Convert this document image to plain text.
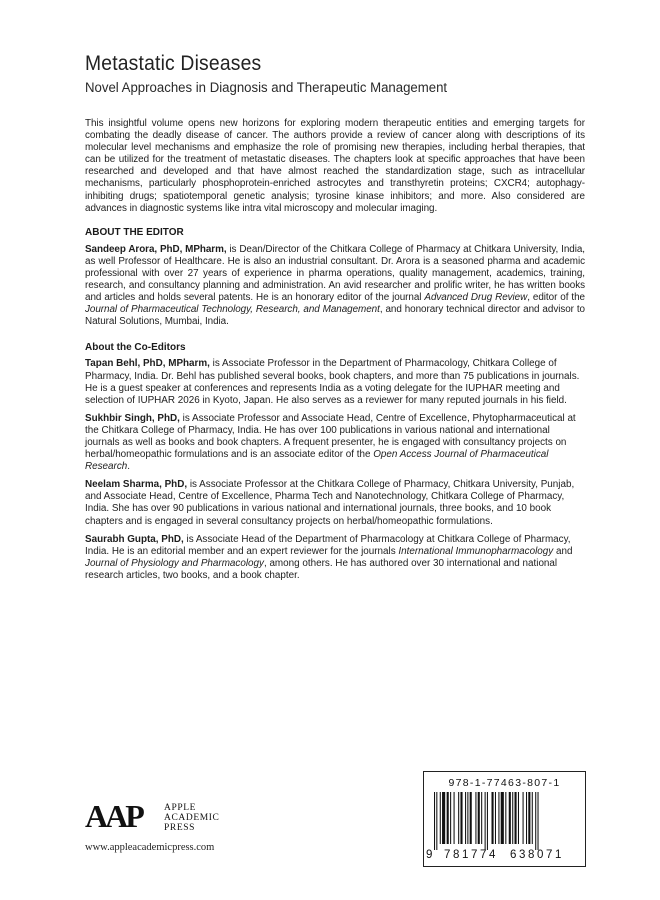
Metastatic Diseases
Novel Approaches in Diagnosis and Therapeutic Management

This insightful volume opens new horizons for exploring modern therapeutic entities and emerging targets for combating the deadly disease of cancer. The authors provide a review of cancer along with descriptions of its molecular level mechanisms and emphasize the role of promising new therapies, including herbal therapies, that can be utilized for the treatment of metastatic diseases. The chapters look at specific approaches that have been researched and developed and that have almost reached the standardization stage, such as intracellular mechanisms, particularly phosphoprotein-enriched astrocytes and transthyretin proteins; CXCR4; autophagy-inhibiting drugs; spatiotemporal genetic analysis; tyrosine kinase inhibitors; and more. Also considered are advances in diagnostic systems like intra vital microscopy and molecular imaging.

ABOUT THE EDITOR

Sandeep Arora, PhD, MPharm, is Dean/Director of the Chitkara College of Pharmacy at Chitkara University, India, as well Professor of Healthcare. He is also an industrial consultant. Dr. Arora is a seasoned pharma and academic professional with over 27 years of experience in pharma operations, quality management, academics, training, research, and consultancy planning and administration. An avid researcher and prolific writer, he has written books and articles and holds several patents. He is an honorary editor of the journal Advanced Drug Review, editor of the Journal of Pharmaceutical Technology, Research, and Management, and honorary technical director and advisor to Natural Solutions, Mumbai, India.

About the Co-Editors

Tapan Behl, PhD, MPharm, is Associate Professor in the Department of Pharmacology, Chitkara College of Pharmacy, India. Dr. Behl has published several books, book chapters, and more than 75 publications in journals. He is a guest speaker at conferences and represents India as a voting delegate for the IUPHAR meeting and selection of IUPHAR 2026 in Kyoto, Japan. He also serves as a reviewer for many reputed journals in his field.

Sukhbir Singh, PhD, is Associate Professor and Associate Head, Centre of Excellence, Phytopharmaceutical at the Chitkara College of Pharmacy, India. He has over 100 publications in various national and international journals as well as books and book chapters. A frequent presenter, he is engaged with consultancy projects on herbal/homeopathic formulations and is an associate editor of the Open Access Journal of Pharmaceutical Research.

Neelam Sharma, PhD, is Associate Professor at the Chitkara College of Pharmacy, Chitkara University, Punjab, and Associate Head, Centre of Excellence, Pharma Tech and Nanotechnology, Chitkara College of Pharmacy, India. She has over 90 publications in various national and international journals, three books, and 10 book chapters and is engaged in several consultancy projects on herbal/homeopathic formulations.

Saurabh Gupta, PhD, is Associate Head of the Department of Pharmacology at Chitkara College of Pharmacy, India. He is an editorial member and an expert reviewer for the journals International Immunopharmacology and Journal of Physiology and Pharmacology, among others. He has authored over 30 international and national research articles, two books, and a book chapter.

AAP APPLE
ACADEMIC
PRESS
www.appleacademicpress.com
978-1-77463-807-1
9 781774 638071
